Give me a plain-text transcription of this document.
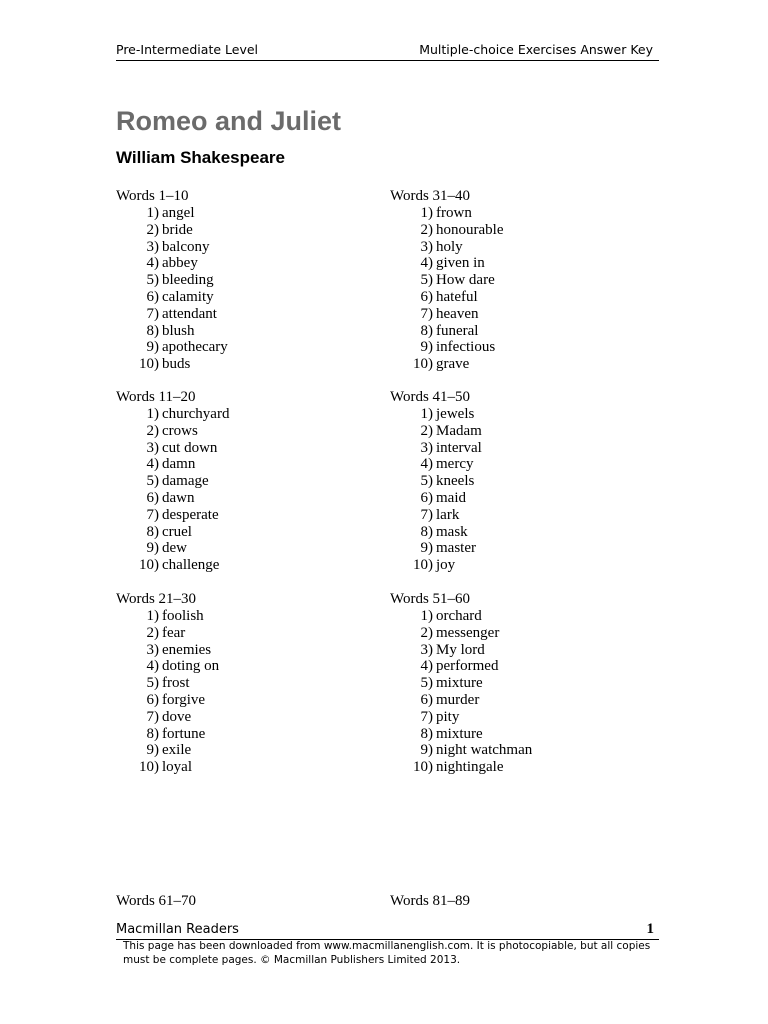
Pre-Intermediate Level	Multiple-choice Exercises Answer Key
Romeo and Juliet
William Shakespeare
Words 1–10
1) angel
2) bride
3) balcony
4) abbey
5) bleeding
6) calamity
7) attendant
8) blush
9) apothecary
10) buds
Words 31–40
1) frown
2) honourable
3) holy
4) given in
5) How dare
6) hateful
7) heaven
8) funeral
9) infectious
10) grave
Words 11–20
1) churchyard
2) crows
3) cut down
4) damn
5) damage
6) dawn
7) desperate
8) cruel
9) dew
10) challenge
Words 41–50
1) jewels
2) Madam
3) interval
4) mercy
5) kneels
6) maid
7) lark
8) mask
9) master
10) joy
Words 21–30
1) foolish
2) fear
3) enemies
4) doting on
5) frost
6) forgive
7) dove
8) fortune
9) exile
10) loyal
Words 51–60
1) orchard
2) messenger
3) My lord
4) performed
5) mixture
6) murder
7) pity
8) mixture
9) night watchman
10) nightingale
Words 61–70	Words 81–89
Macmillan Readers	1
This page has been downloaded from www.macmillanenglish.com. It is photocopiable, but all copies must be complete pages. © Macmillan Publishers Limited 2013.
